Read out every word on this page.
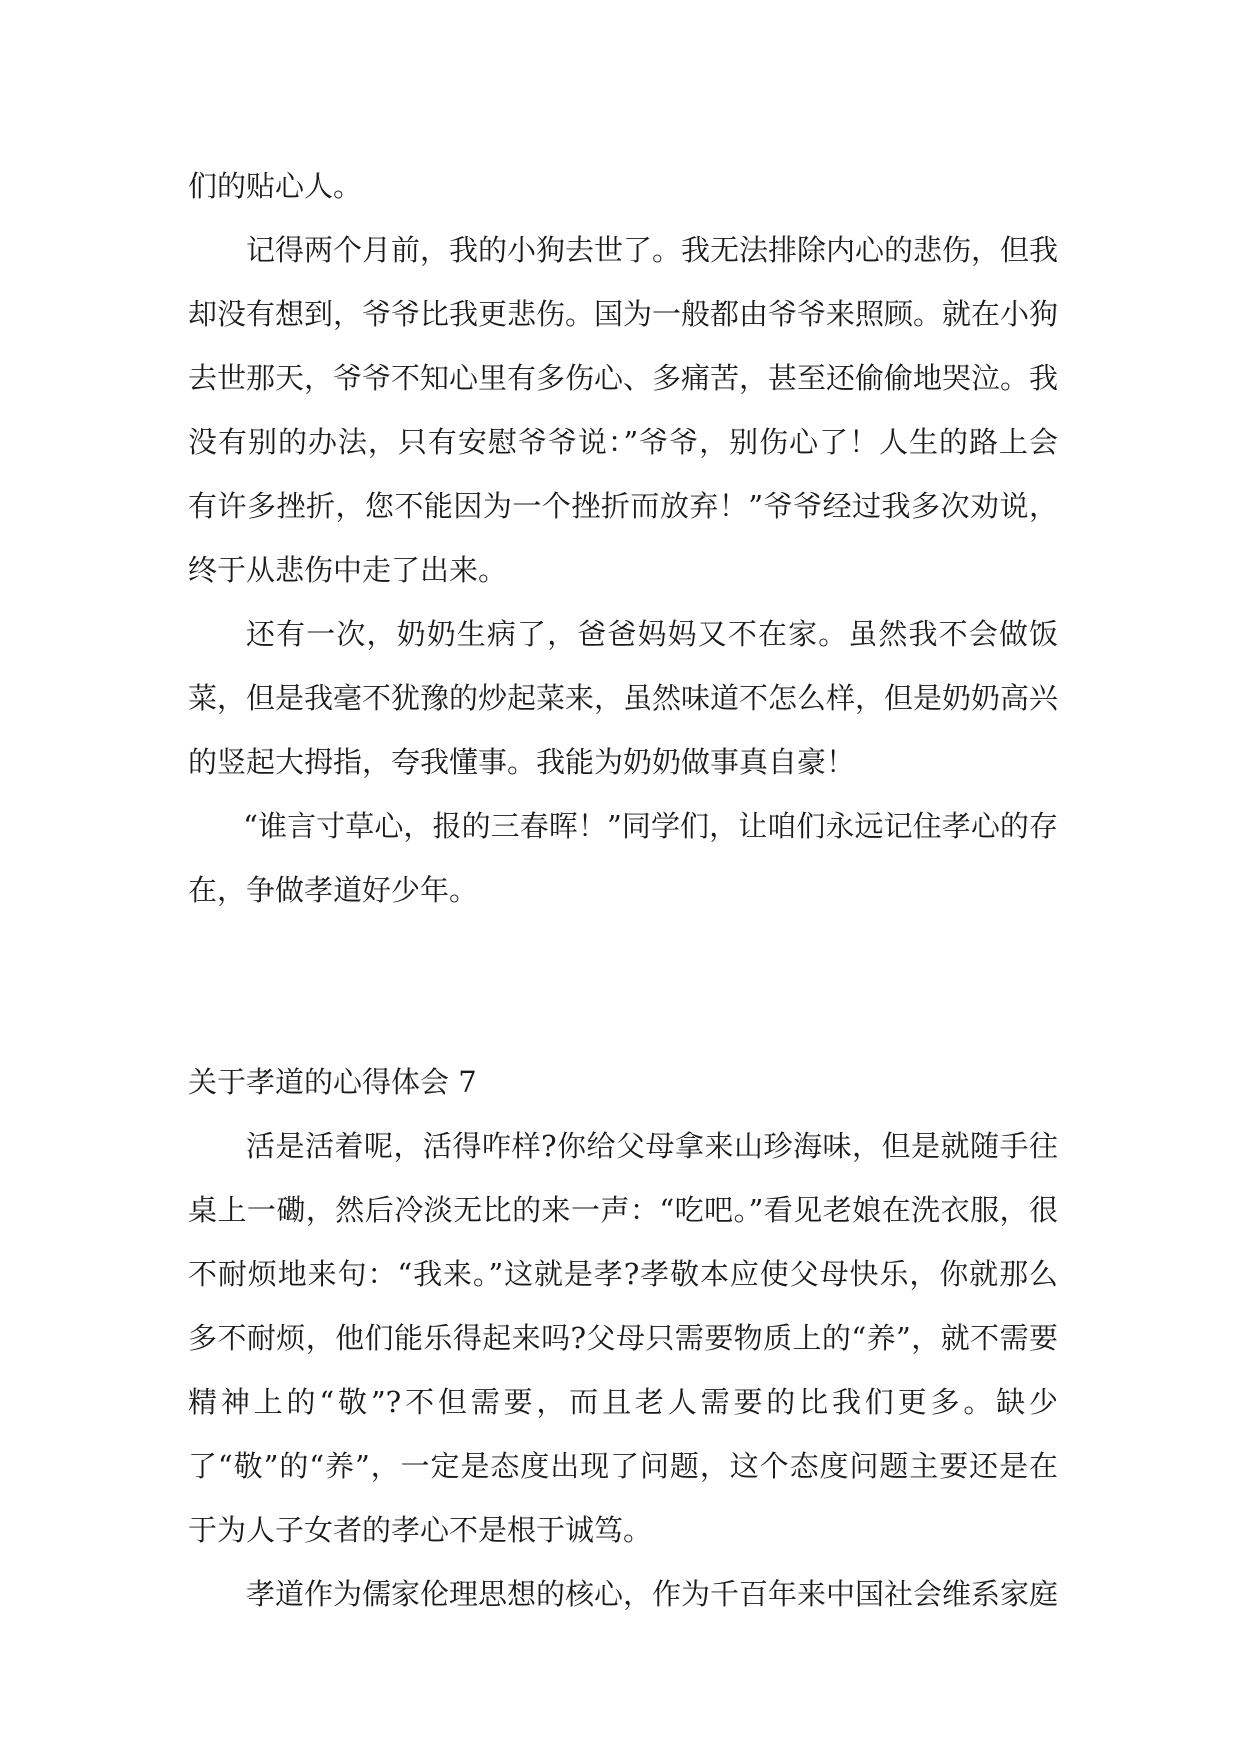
们的贴心人。

记得两个月前，我的小狗去世了。我无法排除内心的悲伤，但我却没有想到，爷爷比我更悲伤。国为一般都由爷爷来照顾。就在小狗去世那天，爷爷不知心里有多伤心、多痛苦，甚至还偷偷地哭泣。我没有别的办法，只有安慰爷爷说：”爷爷，别伤心了！人生的路上会有许多挫折，您不能因为一个挫折而放弃！”爷爷经过我多次劝说，终于从悲伤中走了出来。

还有一次，奶奶生病了，爸爸妈妈又不在家。虽然我不会做饭菜，但是我毫不犹豫的炒起菜来，虽然味道不怎么样，但是奶奶高兴的竖起大拇指，夸我懂事。我能为奶奶做事真自豪！

“谁言寸草心，报的三春晖！”同学们，让咱们永远记住孝心的存在，争做孝道好少年。

关于孝道的心得体会 7

活是活着呢，活得咋样?你给父母拿来山珍海味，但是就随手往桌上一磡，然后冷淡无比的来一声：“吃吧。”看见老娘在洗衣服，很不耐烦地来句：“我来。”这就是孝?孝敬本应使父母快乐，你就那么多不耐烦，他们能乐得起来吗?父母只需要物质上的“养”，就不需要精神上的“敬”?不但需要，而且老人需要的比我们更多。缺少了“敬”的“养”，一定是态度出现了问题，这个态度问题主要还是在于为人子女者的孝心不是根于诚笃。

孝道作为儒家伦理思想的核心，作为千百年来中国社会维系家庭
